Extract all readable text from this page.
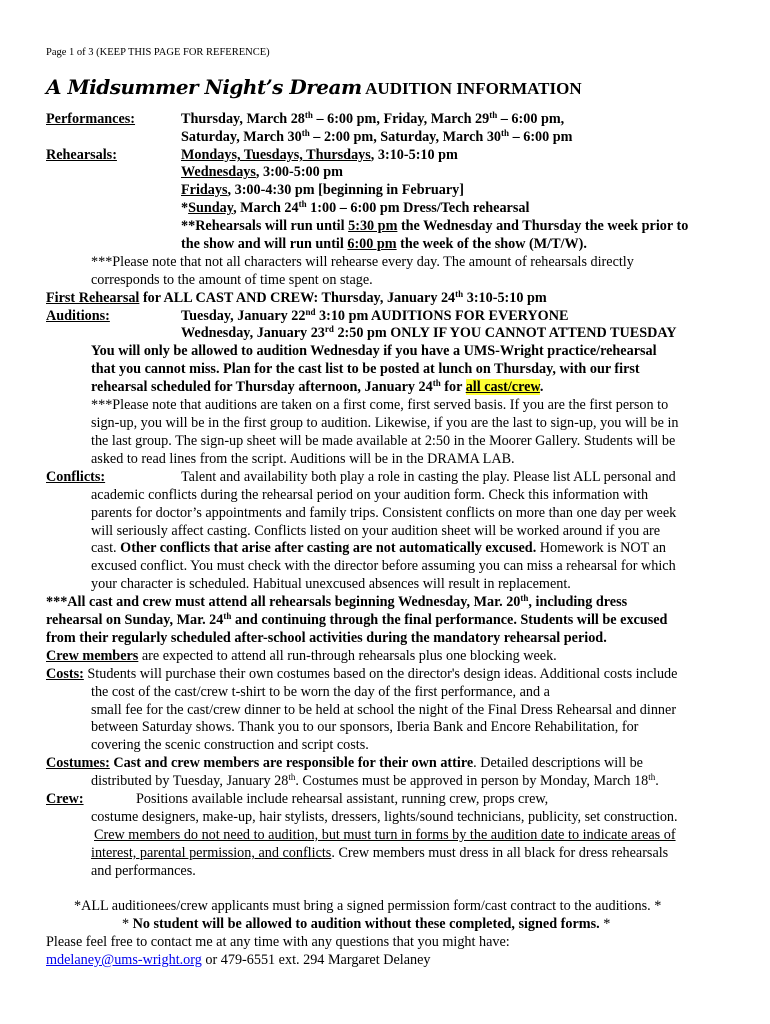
Page 1 of 3 (KEEP THIS PAGE FOR REFERENCE)
A Midsummer Night’s Dream AUDITION INFORMATION
Performances:	Thursday, March 28th – 6:00 pm, Friday, March 29th – 6:00 pm,
Saturday, March 30th – 2:00 pm, Saturday, March 30th – 6:00 pm
Rehearsals:	Mondays, Tuesdays, Thursdays, 3:10-5:10 pm
Wednesdays, 3:00-5:00 pm
Fridays, 3:00-4:30 pm [beginning in February]
*Sunday, March 24th 1:00 – 6:00 pm Dress/Tech rehearsal
**Rehearsals will run until 5:30 pm the Wednesday and Thursday the week prior to
the show and will run until 6:00 pm the week of the show (M/T/W).
***Please note that not all characters will rehearse every day. The amount of rehearsals directly
corresponds to the amount of time spent on stage.
First Rehearsal for ALL CAST AND CREW: Thursday, January 24th 3:10-5:10 pm
Auditions:	Tuesday, January 22nd 3:10 pm AUDITIONS FOR EVERYONE
Wednesday, January 23rd 2:50 pm ONLY IF YOU CANNOT ATTEND TUESDAY
You will only be allowed to audition Wednesday if you have a UMS-Wright practice/rehearsal
that you cannot miss. Plan for the cast list to be posted at lunch on Thursday, with our first
rehearsal scheduled for Thursday afternoon, January 24th for all cast/crew.
***Please note that auditions are taken on a first come, first served basis. If you are the first person to
sign-up, you will be in the first group to audition. Likewise, if you are the last to sign-up, you will be in
the last group. The sign-up sheet will be made available at 2:50 in the Moorer Gallery. Students will be
asked to read lines from the script. Auditions will be in the DRAMA LAB.
Conflicts:	Talent and availability both play a role in casting the play. Please list ALL personal and
academic conflicts during the rehearsal period on your audition form. Check this information with
parents for doctor’s appointments and family trips. Consistent conflicts on more than one day per week
will seriously affect casting. Conflicts listed on your audition sheet will be worked around if you are
cast. Other conflicts that arise after casting are not automatically excused. Homework is NOT an
excused conflict. You must check with the director before assuming you can miss a rehearsal for which
your character is scheduled. Habitual unexcused absences will result in replacement.
***All cast and crew must attend all rehearsals beginning Wednesday, Mar. 20th, including dress
rehearsal on Sunday, Mar. 24th and continuing through the final performance. Students will be excused
from their regularly scheduled after-school activities during the mandatory rehearsal period.
Crew members are expected to attend all run-through rehearsals plus one blocking week.
Costs: Students will purchase their own costumes based on the director's design ideas. Additional costs include
the cost of the cast/crew t-shirt to be worn the day of the first performance, and a
small fee for the cast/crew dinner to be held at school the night of the Final Dress Rehearsal and dinner
between Saturday shows. Thank you to our sponsors, Iberia Bank and Encore Rehabilitation, for
covering the scenic construction and script costs.
Costumes: Cast and crew members are responsible for their own attire. Detailed descriptions will be
distributed by Tuesday, January 28th. Costumes must be approved in person by Monday, March 18th.
Crew:	Positions available include rehearsal assistant, running crew, props crew,
costume designers, make-up, hair stylists, dressers, lights/sound technicians, publicity, set construction.
Crew members do not need to audition, but must turn in forms by the audition date to indicate areas of
interest, parental permission, and conflicts. Crew members must dress in all black for dress rehearsals
and performances.
*ALL auditionees/crew applicants must bring a signed permission form/cast contract to the auditions. *
* No student will be allowed to audition without these completed, signed forms. *
Please feel free to contact me at any time with any questions that you might have:
mdelaney@ums-wright.org or 479-6551 ext. 294 Margaret Delaney
